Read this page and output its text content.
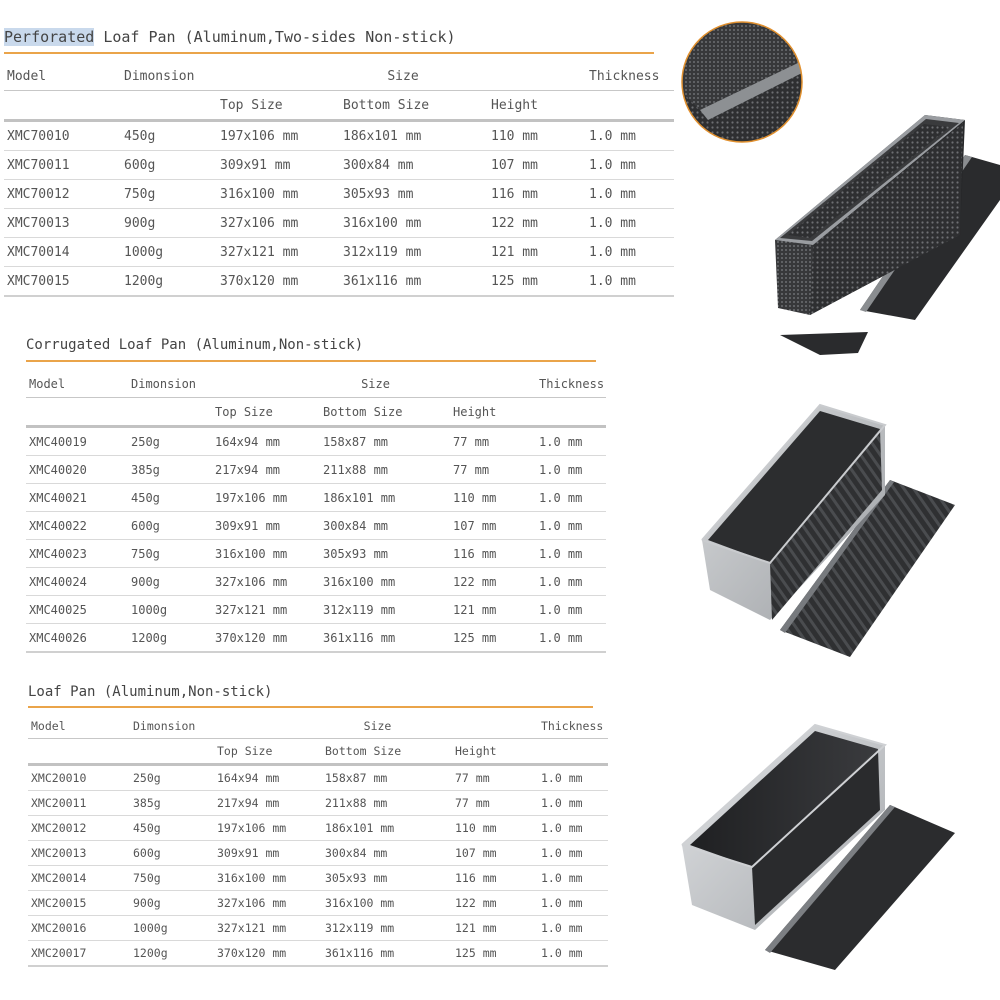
Perforated Loaf Pan (Aluminum,Two-sides Non-stick)
Model	Dimonsion	Size			Thickness
		Top Size	Bottom Size	Height	
XMC70010	450g	197x106 mm	186x101 mm	110 mm	1.0 mm
XMC70011	600g	309x91 mm	300x84 mm	107 mm	1.0 mm
XMC70012	750g	316x100 mm	305x93 mm	116 mm	1.0 mm
XMC70013	900g	327x106 mm	316x100 mm	122 mm	1.0 mm
XMC70014	1000g	327x121 mm	312x119 mm	121 mm	1.0 mm
XMC70015	1200g	370x120 mm	361x116 mm	125 mm	1.0 mm
Corrugated Loaf Pan (Aluminum,Non-stick)
Model	Dimonsion	Size			Thickness
		Top Size	Bottom Size	Height	
XMC40019	250g	164x94 mm	158x87 mm	77 mm	1.0 mm
XMC40020	385g	217x94 mm	211x88 mm	77 mm	1.0 mm
XMC40021	450g	197x106 mm	186x101 mm	110 mm	1.0 mm
XMC40022	600g	309x91 mm	300x84 mm	107 mm	1.0 mm
XMC40023	750g	316x100 mm	305x93 mm	116 mm	1.0 mm
XMC40024	900g	327x106 mm	316x100 mm	122 mm	1.0 mm
XMC40025	1000g	327x121 mm	312x119 mm	121 mm	1.0 mm
XMC40026	1200g	370x120 mm	361x116 mm	125 mm	1.0 mm
Loaf Pan (Aluminum,Non-stick)
Model	Dimonsion	Size			Thickness
		Top Size	Bottom Size	Height	
XMC20010	250g	164x94 mm	158x87 mm	77 mm	1.0 mm
XMC20011	385g	217x94 mm	211x88 mm	77 mm	1.0 mm
XMC20012	450g	197x106 mm	186x101 mm	110 mm	1.0 mm
XMC20013	600g	309x91 mm	300x84 mm	107 mm	1.0 mm
XMC20014	750g	316x100 mm	305x93 mm	116 mm	1.0 mm
XMC20015	900g	327x106 mm	316x100 mm	122 mm	1.0 mm
XMC20016	1000g	327x121 mm	312x119 mm	121 mm	1.0 mm
XMC20017	1200g	370x120 mm	361x116 mm	125 mm	1.0 mm
